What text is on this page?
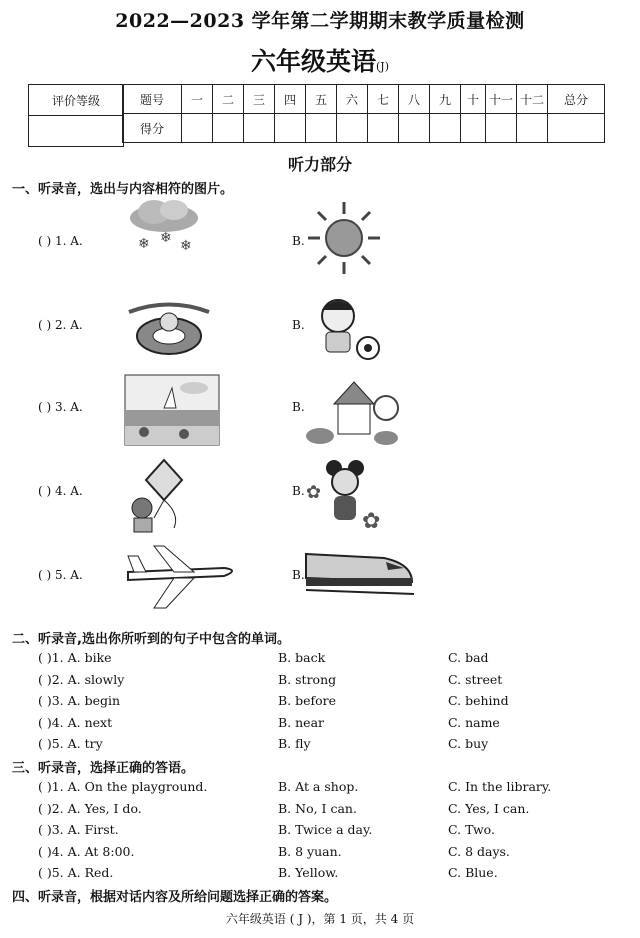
2022—2023 学年第二学期期末教学质量检测
六年级英语(J)
评价等级	题号	一	二	三	四	五	六	七	八	九	十	十一	十二	总分
得分													
听力部分
一、听录音，选出与内容相符的图片。
( ) 1. A.	❄ ❄ ❄	B.
( ) 2. A.	B.
( ) 3. A.	B.
( ) 4. A.	B. ✿
✿
( ) 5. A.	B.
二、听录音,选出你所听到的句子中包含的单词。
( )1. A. bike	B. back	C. bad
( )2. A. slowly	B. strong	C. street
( )3. A. begin	B. before	C. behind
( )4. A. next	B. near	C. name
( )5. A. try	B. fly	C. buy
三、听录音，选择正确的答语。
( )1. A. On the playground.	B. At a shop.	C. In the library.
( )2. A. Yes, I do.	B. No, I can.	C. Yes, I can.
( )3. A. First.	B. Twice a day.	C. Two.
( )4. A. At 8:00.	B. 8 yuan.	C. 8 days.
( )5. A. Red.	B. Yellow.	C. Blue.
四、听录音，根据对话内容及所给问题选择正确的答案。
六年级英语 ( J )，第 1 页，共 4 页
